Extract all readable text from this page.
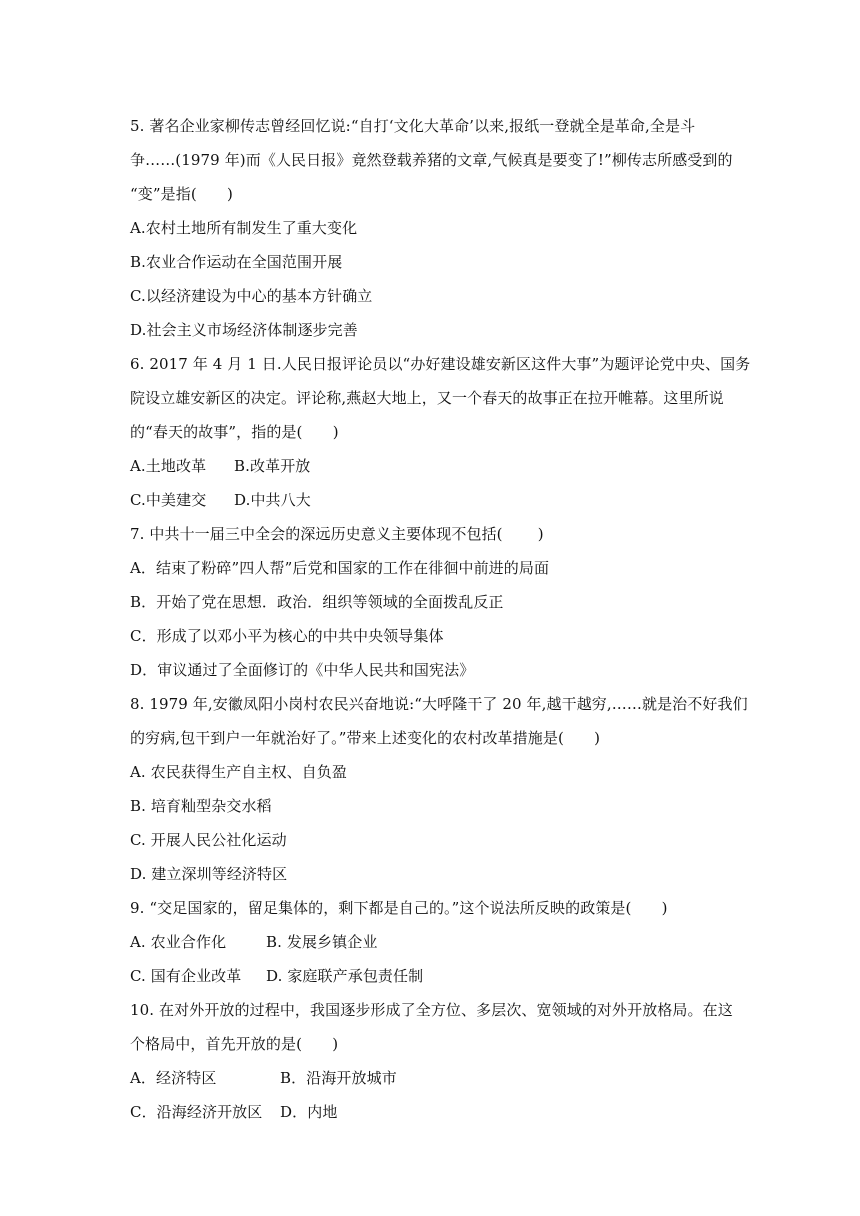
5. 著名企业家柳传志曾经回忆说:“自打‘文化大革命’以来,报纸一登就全是革命,全是斗
争……(1979 年)而《人民日报》竟然登载养猪的文章,气候真是要变了!”柳传志所感受到的
“变”是指(　　)
A.农村土地所有制发生了重大变化
B.农业合作运动在全国范围开展
C.以经济建设为中心的基本方针确立
D.社会主义市场经济体制逐步完善
6. 2017 年 4 月 1 日.人民日报评论员以“办好建设雄安新区这件大事”为题评论党中央、国务
院设立雄安新区的决定。评论称,燕赵大地上，又一个春天的故事正在拉开帷幕。这里所说
的“春天的故事”，指的是(　　)
A.土地改革 B.改革开放
C.中美建交 D.中共八大
7. 中共十一届三中全会的深远历史意义主要体现不包括(　　 )
A．结束了粉碎”四人帮”后党和国家的工作在徘徊中前进的局面
B．开始了党在思想．政治．组织等领域的全面拨乱反正
C．形成了以邓小平为核心的中共中央领导集体
D．审议通过了全面修订的《中华人民共和国宪法》
8. 1979 年,安徽凤阳小岗村农民兴奋地说:“大呼隆干了 20 年,越干越穷,……就是治不好我们
的穷病,包干到户一年就治好了。”带来上述变化的农村改革措施是(　　)
A. 农民获得生产自主权、自负盈
B. 培育籼型杂交水稻
C. 开展人民公社化运动
D. 建立深圳等经济特区
9. “交足国家的，留足集体的，剩下都是自己的。”这个说法所反映的政策是(　　)
A. 农业合作化	B. 发展乡镇企业
C. 国有企业改革 D. 家庭联产承包责任制
10. 在对外开放的过程中，我国逐步形成了全方位、多层次、宽领域的对外开放格局。在这
个格局中，首先开放的是(　　)
A．经济特区	B．沿海开放城市
C．沿海经济开放区 D．内地
